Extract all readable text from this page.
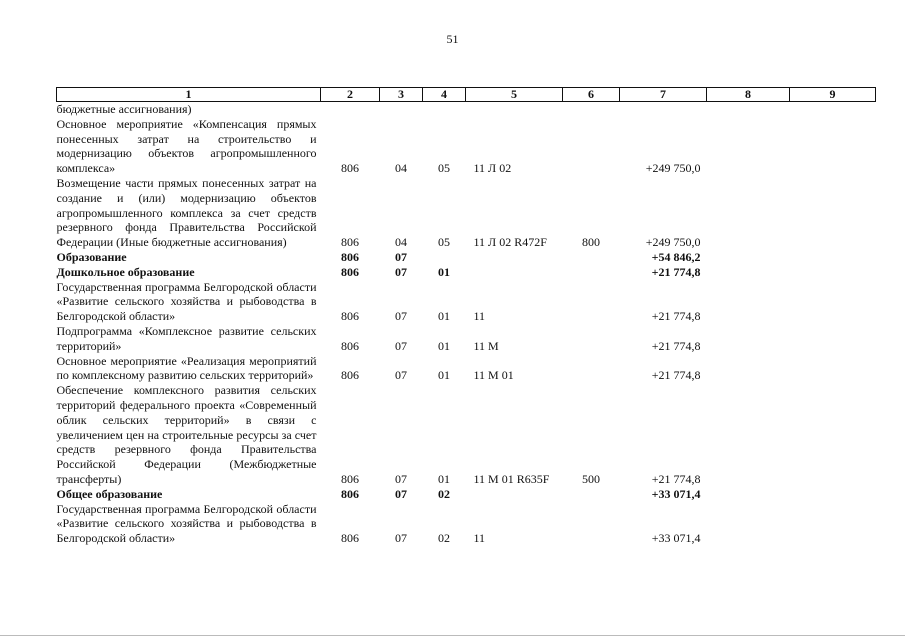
51
1	2	3	4	5	6	7	8	9
бюджетные ассигнования)								
Основное мероприятие «Компенсация прямых понесенных затрат на строительство и модернизацию объектов агропромышленного комплекса»	806	04	05	11 Л 02		+249 750,0		
Возмещение части прямых понесенных затрат на создание и (или) модернизацию объектов агропромышленного комплекса за счет средств резервного фонда Правительства Российской Федерации (Иные бюджетные ассигнования)	806	04	05	11 Л 02 R472F	800	+249 750,0		
Образование	806	07				+54 846,2		
Дошкольное образование	806	07	01			+21 774,8		
Государственная программа Белгородской области «Развитие сельского хозяйства и рыбоводства в Белгородской области»	806	07	01	11		+21 774,8		
Подпрограмма «Комплексное развитие сельских территорий»	806	07	01	11 М		+21 774,8		
Основное мероприятие «Реализация мероприятий по комплексному развитию сельских территорий»	806	07	01	11 М 01		+21 774,8		
Обеспечение комплексного развития сельских территорий федерального проекта «Современный облик сельских территорий» в связи с увеличением цен на строительные ресурсы за счет средств резервного фонда Правительства Российской Федерации (Межбюджетные трансферты)	806	07	01	11 М 01 R635F	500	+21 774,8		
Общее образование	806	07	02			+33 071,4		
Государственная программа Белгородской области «Развитие сельского хозяйства и рыбоводства в Белгородской области»	806	07	02	11		+33 071,4		
